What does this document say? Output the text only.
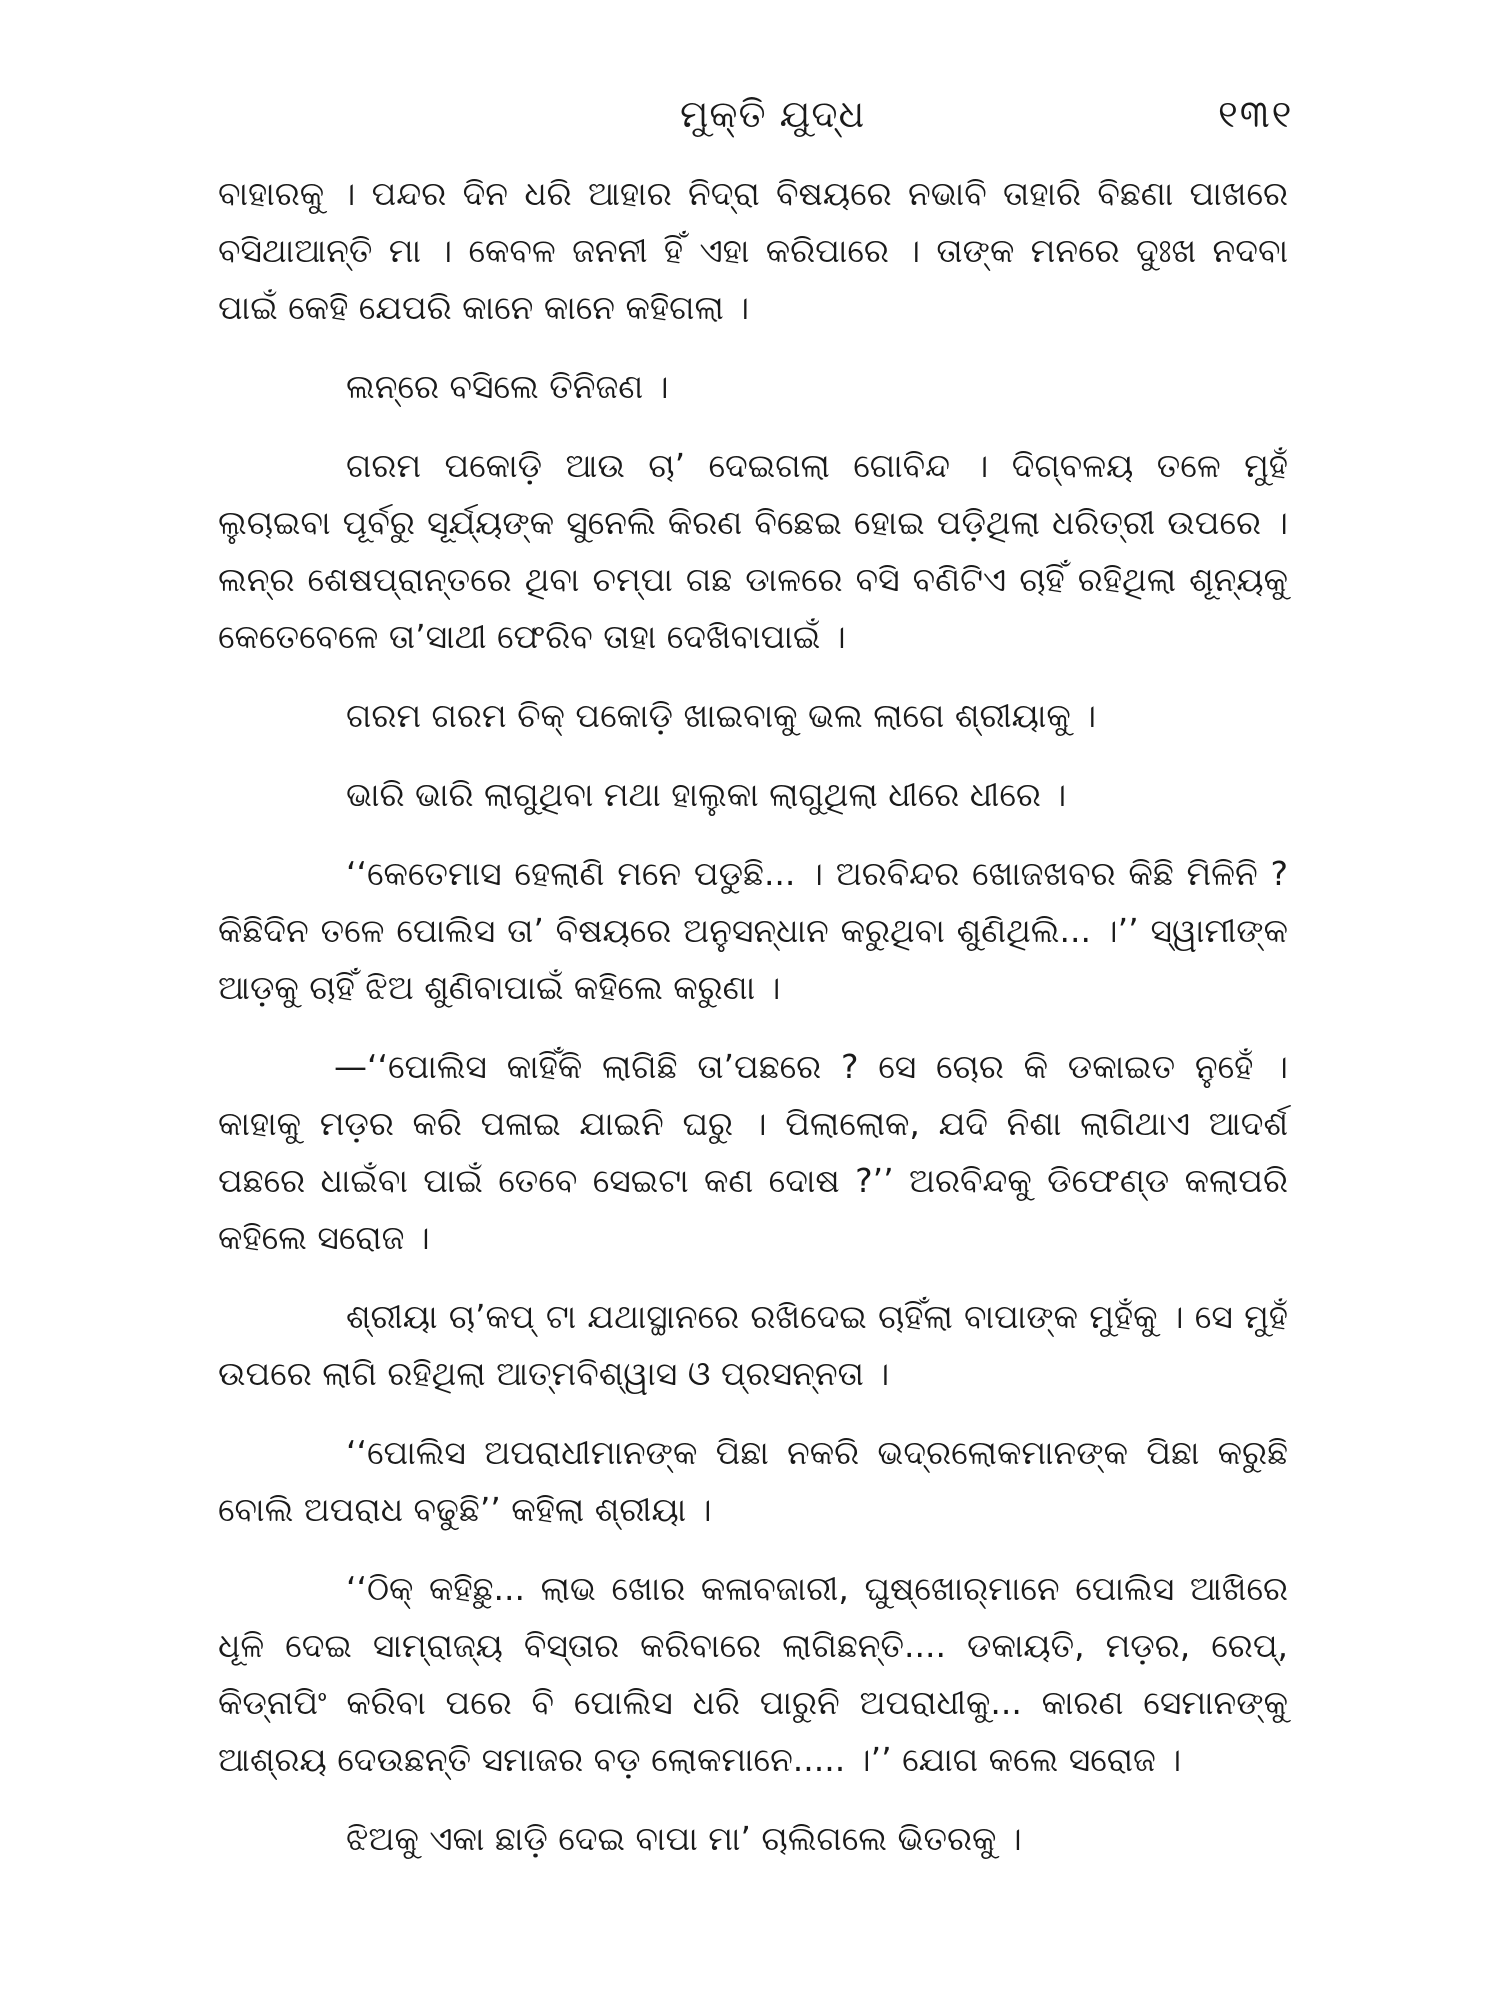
ମୁକ୍ତି ଯୁଦ୍ଧ	୧୩୧

ବାହାରକୁ । ପନ୍ଦର ଦିନ ଧରି ଆହାର ନିଦ୍ରା ବିଷୟରେ ନଭାବି ତାହାରି ବିଛଣା ପାଖରେ ବସିଥାଆନ୍ତି ମା । କେବଳ ଜନନୀ ହିଁ ଏହା କରିପାରେ । ତାଙ୍କ ମନରେ ଦୁଃଖ ନଦବା ପାଇଁ କେହି ଯେପରି କାନେ କାନେ କହିଗଲା ।

ଲନ୍‌ରେ ବସିଲେ ତିନିଜଣ ।

ଗରମ ପକୋଡ଼ି ଆଉ ଚା’ ଦେଇଗଲା ଗୋବିନ୍ଦ । ଦିଗ୍‌ବଳୟ ତଳେ ମୁହଁ ଲୁଚାଇବା ପୂର୍ବରୁ ସୂର୍ଯ୍ୟଙ୍କ ସୁନେଲି କିରଣ ବିଛେଇ ହୋଇ ପଡ଼ିଥିଲା ଧରିତ୍ରୀ ଉପରେ । ଲନ୍‌ର ଶେଷପ୍ରାନ୍ତରେ ଥିବା ଚମ୍ପା ଗଛ ଡାଳରେ ବସି ବଣିଟିଏ ଚାହିଁ ରହିଥିଲା ଶୂନ୍ୟକୁ କେତେବେଳେ ତା’ସାଥୀ ଫେରିବ ତାହା ଦେଖିବାପାଇଁ ।

ଗରମ ଗରମ ଚିକ୍ ପକୋଡ଼ି ଖାଇବାକୁ ଭଲ ଲାଗେ ଶ୍ରୀୟାକୁ ।

ଭାରି ଭାରି ଲାଗୁଥିବା ମଥା ହାଲୁକା ଲାଗୁଥିଲା ଧୀରେ ଧୀରେ ।

‘‘କେତେମାସ ହେଲାଣି ମନେ ପଡୁଛି... । ଅରବିନ୍ଦର ଖୋଜଖବର କିଛି ମିଳିନି ? କିଛିଦିନ ତଳେ ପୋଲିସ ତା’ ବିଷୟରେ ଅନୁସନ୍ଧାନ କରୁଥିବା ଶୁଣିଥିଲି... ।’’ ସ୍ୱାମୀଙ୍କ ଆଡ଼କୁ ଚାହିଁ ଝିଅ ଶୁଣିବାପାଇଁ କହିଲେ କରୁଣା ।

—‘‘ପୋଲିସ କାହିଁକି ଲାଗିଛି ତା’ପଛରେ ? ସେ ଚୋର କି ଡକାଇତ ନୁହେଁ । କାହାକୁ ମଡ଼ର କରି ପଳାଇ ଯାଇନି ଘରୁ । ପିଲାଲୋକ, ଯଦି ନିଶା ଲାଗିଥାଏ ଆଦର୍ଶ ପଛରେ ଧାଇଁବା ପାଇଁ ତେବେ ସେଇଟା କଣ ଦୋଷ ?’’ ଅରବିନ୍ଦକୁ ଡିଫେଣ୍ଡ କଲାପରି କହିଲେ ସରୋଜ ।

ଶ୍ରୀୟା ଚା’କପ୍ ଟା ଯଥାସ୍ଥାନରେ ରଖିଦେଇ ଚାହିଁଲା ବାପାଙ୍କ ମୁହଁକୁ । ସେ ମୁହଁ ଉପରେ ଲାଗି ରହିଥିଲା ଆତ୍ମବିଶ୍ୱାସ ଓ ପ୍ରସନ୍ନତା ।

‘‘ପୋଲିସ ଅପରାଧୀମାନଙ୍କ ପିଛା ନକରି ଭଦ୍ରଲୋକମାନଙ୍କ ପିଛା କରୁଛି ବୋଲି ଅପରାଧ ବଢୁଛି’’ କହିଲା ଶ୍ରୀୟା ।

‘‘ଠିକ୍ କହିଛୁ... ଲାଭ ଖୋର କଳାବଜାରୀ, ଘୁଷ୍‌ଖୋର୍‌ମାନେ ପୋଲିସ ଆଖିରେ ଧୂଳି ଦେଇ ସାମ୍ରାଜ୍ୟ ବିସ୍ତାର କରିବାରେ ଲାଗିଛନ୍ତି.... ଡକାୟତି, ମଡ଼ର, ରେପ୍, କିଡ୍‌ନାପିଂ କରିବା ପରେ ବି ପୋଲିସ ଧରି ପାରୁନି ଅପରାଧୀକୁ... କାରଣ ସେମାନଙ୍କୁ ଆଶ୍ରୟ ଦେଉଛନ୍ତି ସମାଜର ବଡ଼ ଲୋକମାନେ..... ।’’ ଯୋଗ କଲେ ସରୋଜ ।

ଝିଅକୁ ଏକା ଛାଡ଼ି ଦେଇ ବାପା ମା’ ଚାଲିଗଲେ ଭିତରକୁ ।
